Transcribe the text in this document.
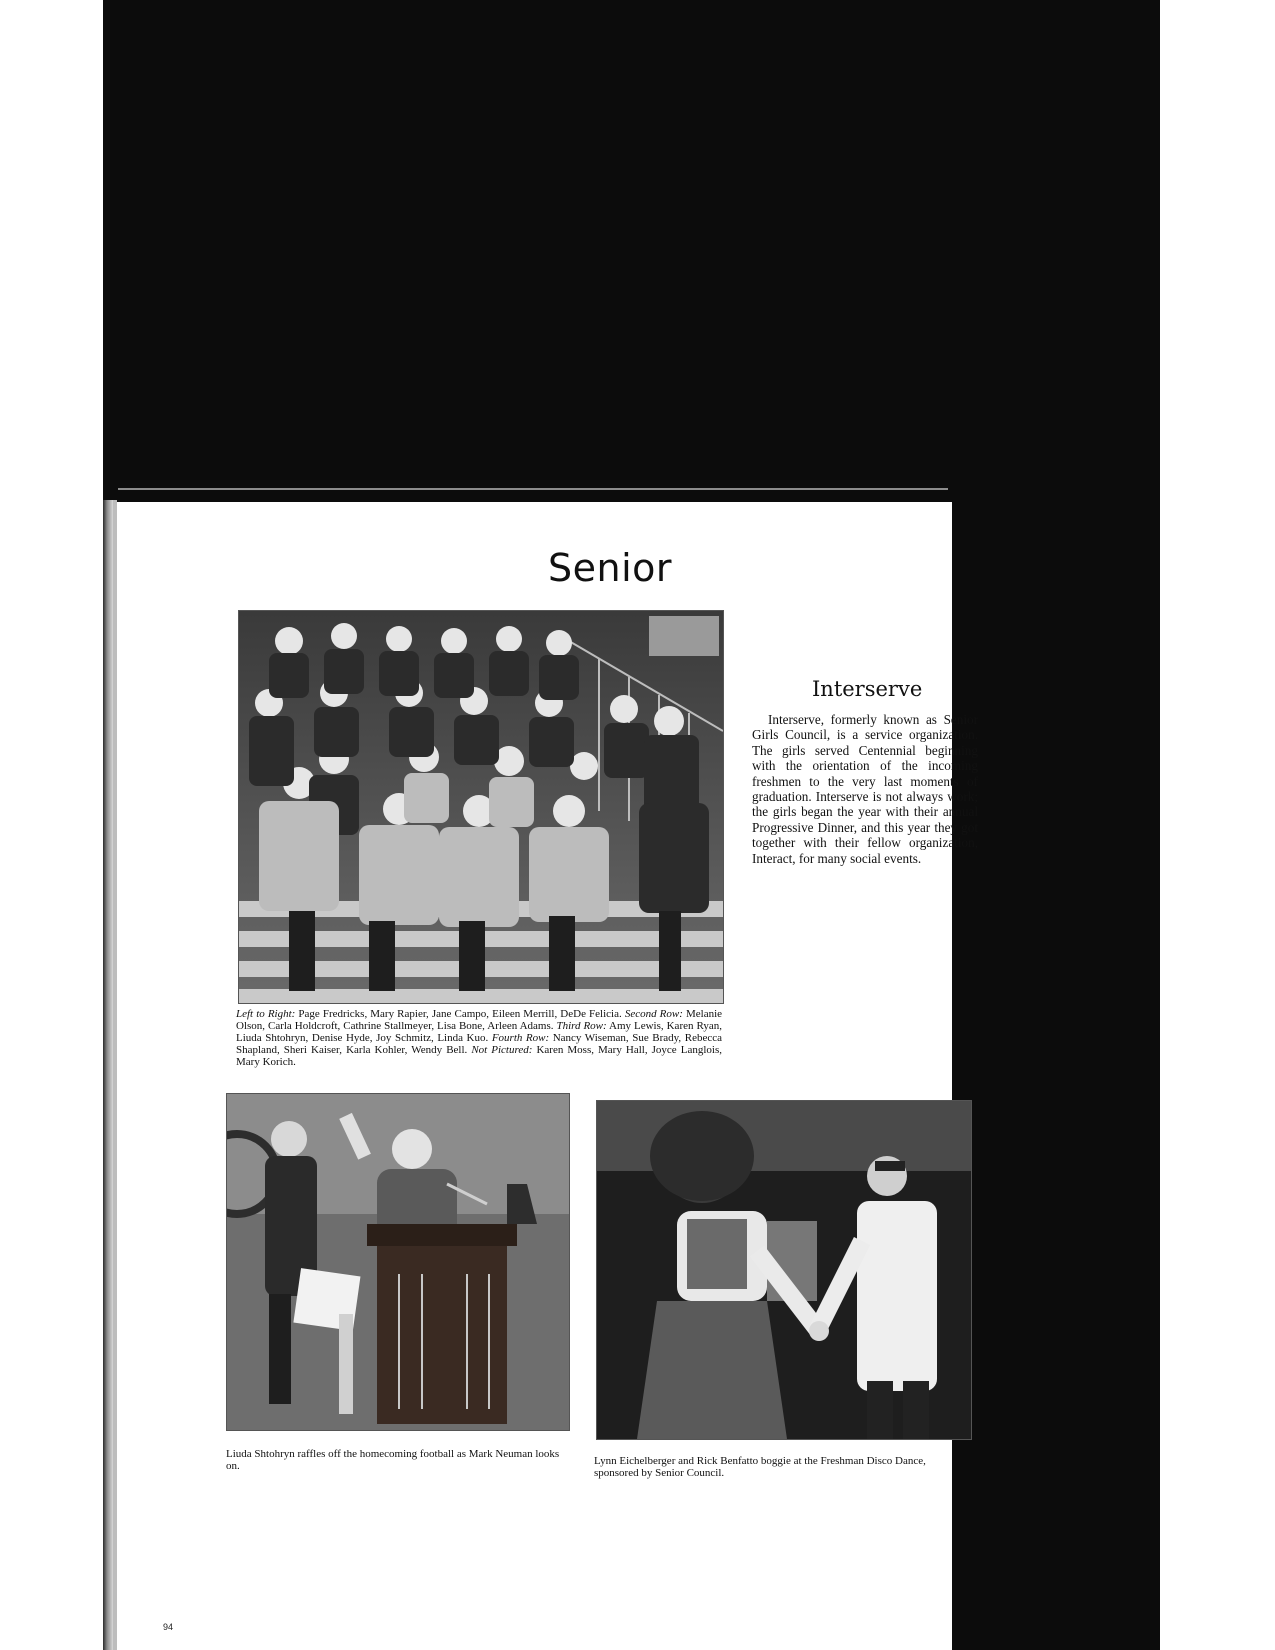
Senior
Interserve

Interserve, formerly known as Senior Girls Council, is a service organization. The girls served Centennial beginning with the orientation of the incoming freshmen to the very last moments of graduation. Interserve is not always work; the girls began the year with their annual Progressive Dinner, and this year they got together with their fellow organization, Interact, for many social events.

Left to Right: Page Fredricks, Mary Rapier, Jane Campo, Eileen Merrill, DeDe Felicia. Second Row: Melanie Olson, Carla Holdcroft, Cathrine Stallmeyer, Lisa Bone, Arleen Adams. Third Row: Amy Lewis, Karen Ryan, Liuda Shtohryn, Denise Hyde, Joy Schmitz, Linda Kuo. Fourth Row: Nancy Wiseman, Sue Brady, Rebecca Shapland, Sheri Kaiser, Karla Kohler, Wendy Bell. Not Pictured: Karen Moss, Mary Hall, Joyce Langlois, Mary Korich.

Liuda Shtohryn raffles off the homecoming football as Mark Neuman looks on.	Lynn Eichelberger and Rick Benfatto boggie at the Freshman Disco Dance, sponsored by Senior Council.

94
